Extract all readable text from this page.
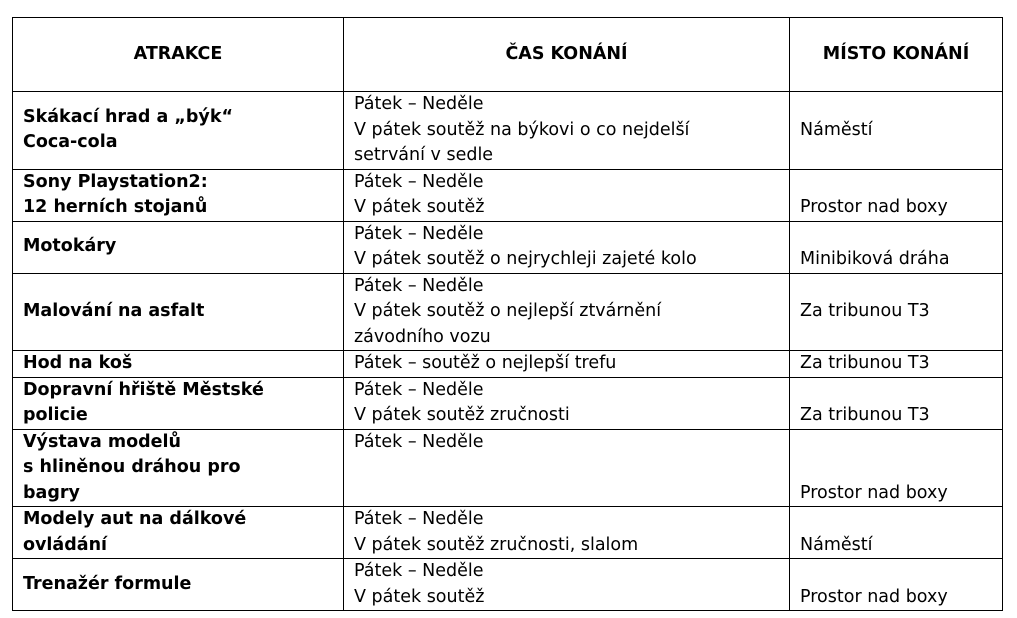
ATRAKCE	ČAS KONÁNÍ	MÍSTO KONÁNÍ

Skákací hrad a „býk“
Coca-cola	Pátek – Neděle
V pátek soutěž na býkovi o co nejdelší
setrvání v sedle	Náměstí

Sony Playstation2:
12 herních stojanů	Pátek – Neděle
V pátek soutěž	Prostor nad boxy

Motokáry	Pátek – Neděle
V pátek soutěž o nejrychleji zajeté kolo	Minibiková dráha

Malování na asfalt	Pátek – Neděle
V pátek soutěž o nejlepší ztvárnění
závodního vozu	Za tribunou T3

Hod na koš	Pátek – soutěž o nejlepší trefu	Za tribunou T3

Dopravní hřiště Městské
policie	Pátek – Neděle
V pátek soutěž zručnosti	Za tribunou T3

Výstava modelů
s hliněnou dráhou pro
bagry	Pátek – Neděle	Prostor nad boxy

Modely aut na dálkové
ovládání	Pátek – Neděle
V pátek soutěž zručnosti, slalom	Náměstí

Trenažér formule	Pátek – Neděle
V pátek soutěž	Prostor nad boxy
